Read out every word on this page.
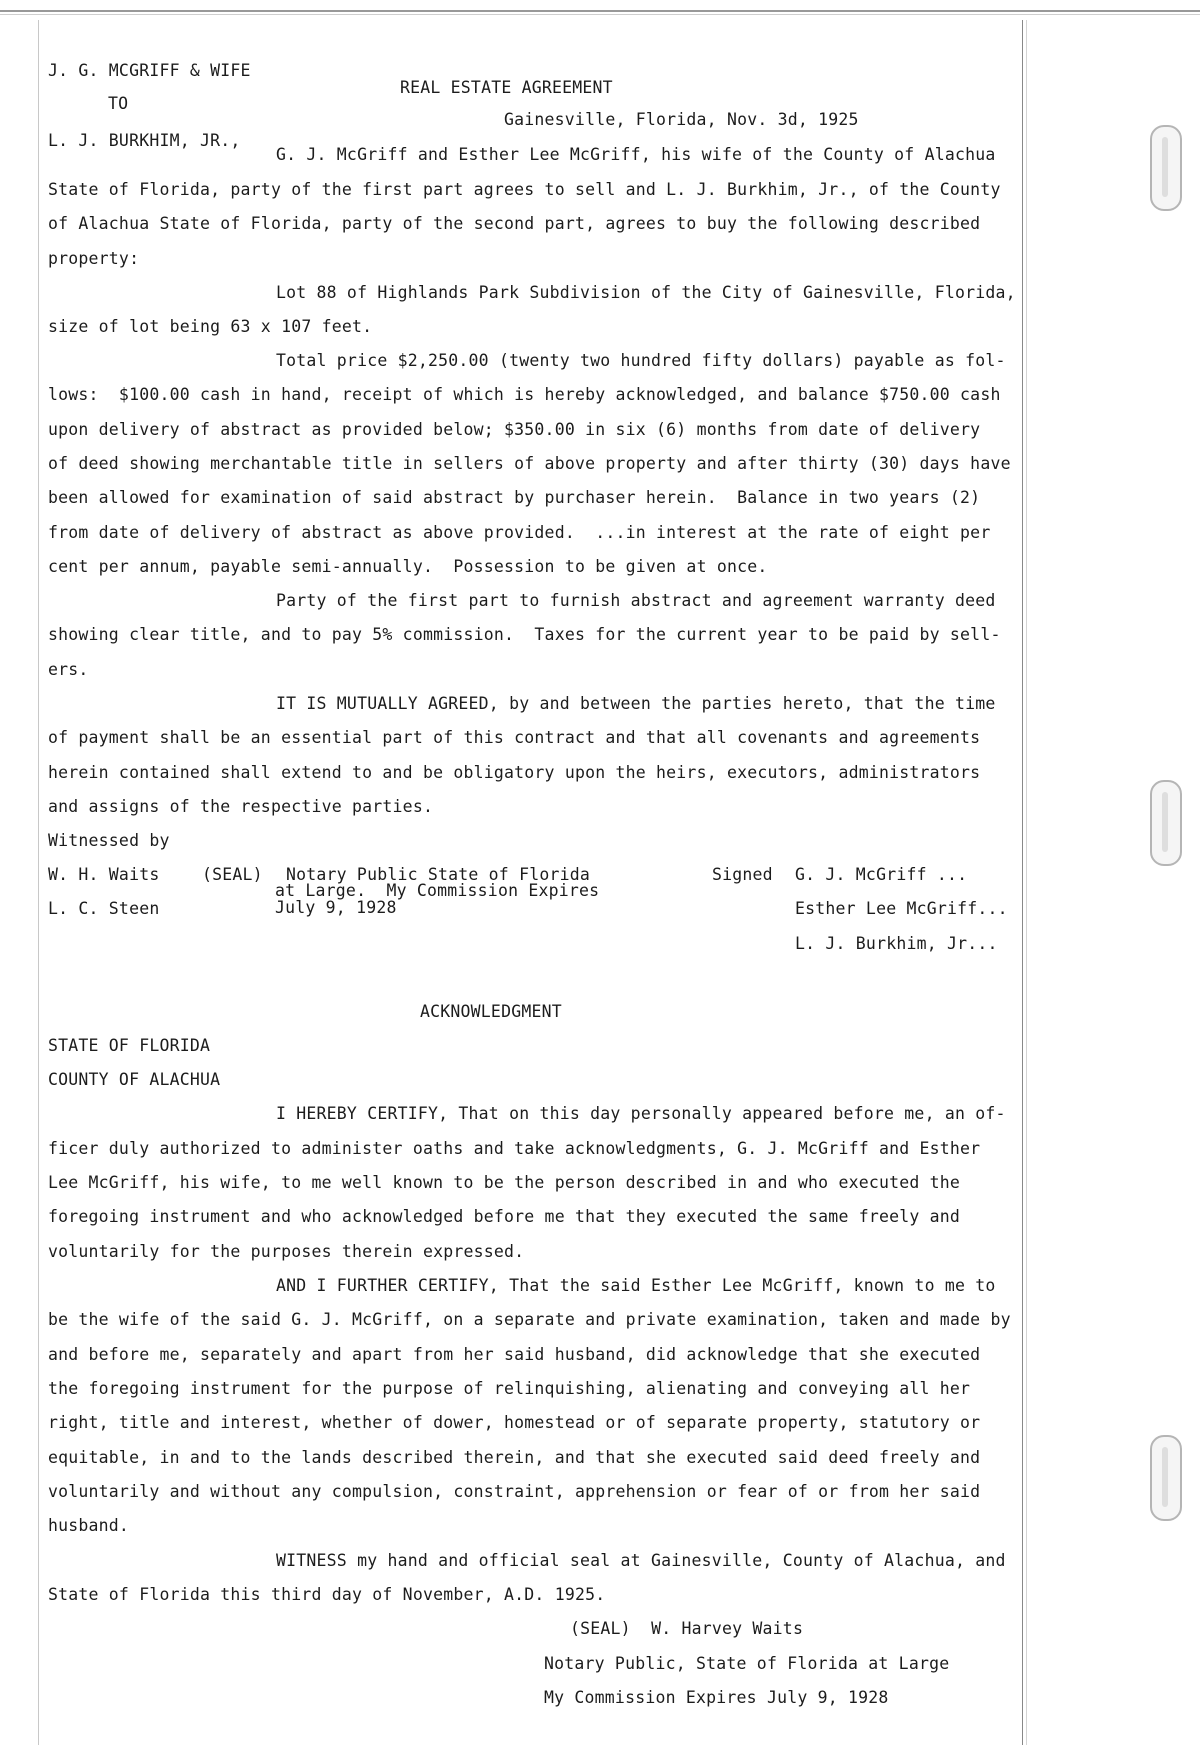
J. G. MCGRIFF & WIFE
TO
L. J. BURKHIM, JR.,
REAL ESTATE AGREEMENT
Gainesville, Florida, Nov. 3d, 1925
G. J. McGriff and Esther Lee McGriff, his wife of the County of Alachua
State of Florida, party of the first part agrees to sell and L. J. Burkhim, Jr., of the County
of Alachua State of Florida, party of the second part, agrees to buy the following described
property:
Lot 88 of Highlands Park Subdivision of the City of Gainesville, Florida,
size of lot being 63 x 107 feet.
Total price $2,250.00 (twenty two hundred fifty dollars) payable as fol-
lows:  $100.00 cash in hand, receipt of which is hereby acknowledged, and balance $750.00 cash
upon delivery of abstract as provided below; $350.00 in six (6) months from date of delivery
of deed showing merchantable title in sellers of above property and after thirty (30) days have
been allowed for examination of said abstract by purchaser herein.  Balance in two years (2)
from date of delivery of abstract as above provided.  ...in interest at the rate of eight per
cent per annum, payable semi-annually.  Possession to be given at once.
Party of the first part to furnish abstract and agreement warranty deed
showing clear title, and to pay 5% commission.  Taxes for the current year to be paid by sell-
ers.
IT IS MUTUALLY AGREED, by and between the parties hereto, that the time
of payment shall be an essential part of this contract and that all covenants and agreements
herein contained shall extend to and be obligatory upon the heirs, executors, administrators
and assigns of the respective parties.
Witnessed by
W. H. Waits
L. C. Steen
(SEAL) Notary Public State of Florida
at Large.  My Commission Expires
July 9, 1928
Signed G. J. McGriff ...
Esther Lee McGriff...
L. J. Burkhim, Jr...
ACKNOWLEDGMENT
STATE OF FLORIDA
COUNTY OF ALACHUA
I HEREBY CERTIFY, That on this day personally appeared before me, an of-
ficer duly authorized to administer oaths and take acknowledgments, G. J. McGriff and Esther
Lee McGriff, his wife, to me well known to be the person described in and who executed the
foregoing instrument and who acknowledged before me that they executed the same freely and
voluntarily for the purposes therein expressed.
AND I FURTHER CERTIFY, That the said Esther Lee McGriff, known to me to
be the wife of the said G. J. McGriff, on a separate and private examination, taken and made by
and before me, separately and apart from her said husband, did acknowledge that she executed
the foregoing instrument for the purpose of relinquishing, alienating and conveying all her
right, title and interest, whether of dower, homestead or of separate property, statutory or
equitable, in and to the lands described therein, and that she executed said deed freely and
voluntarily and without any compulsion, constraint, apprehension or fear of or from her said
husband.
WITNESS my hand and official seal at Gainesville, County of Alachua, and
State of Florida this third day of November, A.D. 1925.
(SEAL)  W. Harvey Waits
Notary Public, State of Florida at Large
My Commission Expires July 9, 1928
